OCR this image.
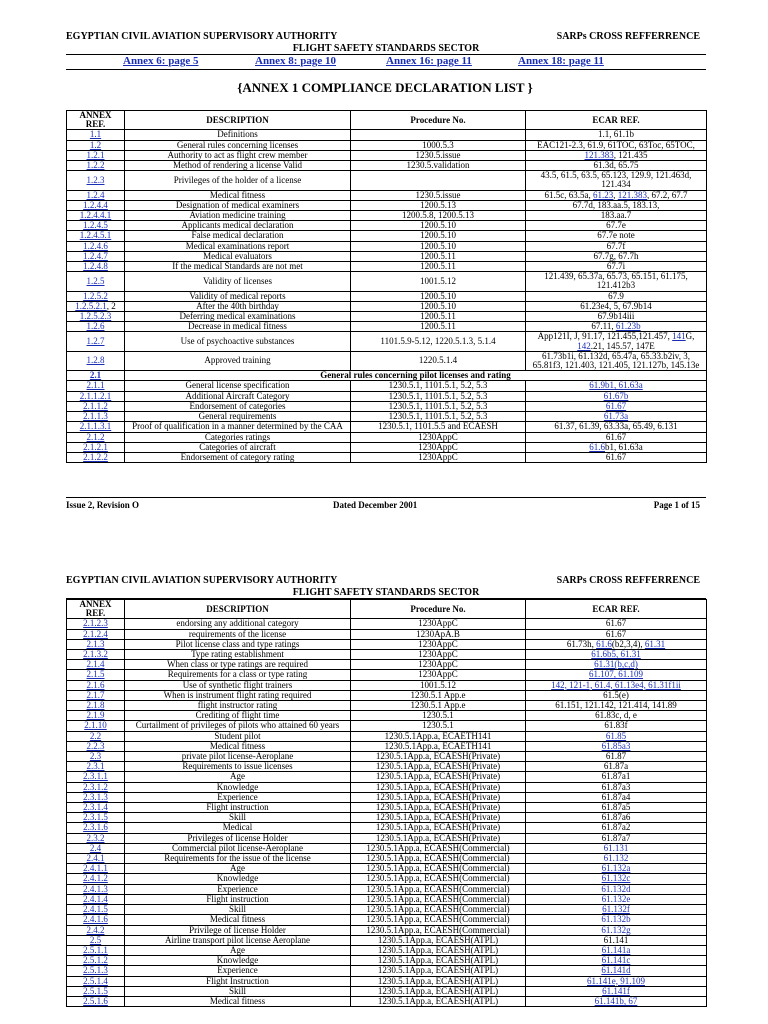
EGYPTIAN CIVIL AVIATION SUPERVISORY AUTHORITY	SARPs CROSS REFFERRENCE
FLIGHT SAFETY STANDARDS SECTOR
Annex 6: page 5	Annex 8: page 10	Annex 16: page 11	Annex 18: page 11
{ANNEX 1 COMPLIANCE DECLARATION LIST }
ANNEX REF.	DESCRIPTION	Procedure No.	ECAR REF.
1.1	Definitions		1.1, 61.1b
1.2	General rules concerning licenses	1000.5.3	EAC121-2.3, 61.9, 61TOC, 63Toc, 65TOC,
1.2.1	Authority to act as flight crew member	1230.5.issue	121.383, 121.435
1.2.2	Method of rendering a license Valid	1230.5.validation	61.3d, 65.75
1.2.3	Privileges of the holder of a license		43.5, 61.5, 63.5, 65.123, 129.9, 121.463d, 121.434
1.2.4	Medical fitness	1230.5.issue	61.5c, 63.5a, 61.23, 121.383, 67.2, 67.7
1.2.4.4	Designation of medical examiners	1200.5.13	67.7d, 183.aa.5, 183.13,
1.2.4.4.1	Aviation medicine training	1200.5.8, 1200.5.13	183.aa.7
1.2.4.5	Applicants medical declaration	1200.5.10	67.7e
1.2.4.5.1	False medical declaration	1200.5.10	67.7e note
1.2.4.6	Medical examinations report	1200.5.10	67.7f
1.2.4.7	Medical evaluators	1200.5.11	67.7g, 67.7h
1.2.4.8	If the medical Standards are not met	1200.5.11	67.7i
1.2.5	Validity of licenses	1001.5.12	121.439, 65.37a, 65.73, 65.151, 61.175, 121.412b3
1.2.5.2	Validity of medical reports	1200.5.10	67.9
1.2.5.2.1, 2	After the 40th birthday	1200.5.10	61.23e4, 5, 67.9b14
1.2.5.2.3	Deferring medical examinations	1200.5.11	67.9b14iii
1.2.6	Decrease in medical fitness	1200.5.11	67.11, 61.23b
1.2.7	Use of psychoactive substances	1101.5.9-5.12, 1220.5.1.3, 5.1.4	App121I, J, 91.17, 121.455,121.457, 141G, 142.21, 145.57, 147E
1.2.8	Approved training	1220.5.1.4	61.73b1i, 61.132d, 65.47a, 65.33.b2iv, 3, 65.81f3, 121.403, 121.405, 121.127b, 145.13e
2.1	General rules concerning pilot licenses and rating		
2.1.1	General license specification	1230.5.1, 1101.5.1, 5.2, 5.3	61.9b1, 61.63a
2.1.1.2.1	Additional Aircraft Category	1230.5.1, 1101.5.1, 5.2, 5.3	61.67b
2.1.1.2	Endorsement of categories	1230.5.1, 1101.5.1, 5.2, 5.3	61.67
2.1.1.3	General requirements	1230.5.1, 1101.5.1, 5.2, 5.3	61.73a
2.1.1.3.1	Proof of qualification in a manner determined by the CAA	1230.5.1, 1101.5.5 and ECAESH	61.37, 61.39, 63.33a, 65.49, 6.131
2.1.2	Categories ratings	1230AppC	61.67
2.1.2.1	Categories of aircraft	1230AppC	61.6b1, 61.63a
2.1.2.2	Endorsement of category rating	1230AppC	61.67
Issue 2, Revision O	Dated December 2001	Page 1 of 15
EGYPTIAN CIVIL AVIATION SUPERVISORY AUTHORITY	SARPs CROSS REFFERRENCE
FLIGHT SAFETY STANDARDS SECTOR
ANNEX REF.	DESCRIPTION	Procedure No.	ECAR REF.
2.1.2.3	endorsing any additional category	1230AppC	61.67
2.1.2.4	requirements of the license	1230ApA.B	61.67
2.1.3	Pilot license class and type ratings	1230AppC	61.73h, 61.6(b2,3,4), 61.31
2.1.3.2	Type rating establishment	1230AppC	61.6b5, 61.31
2.1.4	When class or type ratings are required	1230AppC	61.31(b,c,d)
2.1.5	Requirements for a class or type rating	1230AppC	61.107, 61.109
2.1.6	Use of synthetic flight trainers	1001.5.12	142, 121-1, 61.4, 61.13e4, 61.31f1ii
2.1.7	When is instrument flight rating required	1230.5.1 App.e	61.5(e)
2.1.8	flight instructor rating	1230.5.1 App.e	61.151, 121.142, 121.414, 141.89
2.1.9	Crediting of flight time	1230.5.1	61.83c, d, e
2.1.10	Curtailment of privileges of pilots who attained 60 years	1230.5.1	61.83f
2.2	Student pilot	1230.5.1App.a, ECAETH141	61.85
2.2.3	Medical fitness	1230.5.1App.a, ECAETH141	61.85a3
2.3	private pilot license-Aeroplane	1230.5.1App.a, ECAESH(Private)	61.87
2.3.1	Requirements to issue licenses	1230.5.1App.a, ECAESH(Private)	61.87a
2.3.1.1	Age	1230.5.1App.a, ECAESH(Private)	61.87a1
2.3.1.2	Knowledge	1230.5.1App.a, ECAESH(Private)	61.87a3
2.3.1.3	Experience	1230.5.1App.a, ECAESH(Private)	61.87a4
2.3.1.4	Flight instruction	1230.5.1App.a, ECAESH(Private)	61.87a5
2.3.1.5	Skill	1230.5.1App.a, ECAESH(Private)	61.87a6
2.3.1.6	Medical	1230.5.1App.a, ECAESH(Private)	61.87a2
2.3.2	Privileges of license Holder	1230.5.1App.a, ECAESH(Private)	61.87a7
2.4	Commercial pilot license-Aeroplane	1230.5.1App.a, ECAESH(Commercial)	61.131
2.4.1	Requirements for the issue of the license	1230.5.1App.a, ECAESH(Commercial)	61.132
2.4.1.1	Age	1230.5.1App.a, ECAESH(Commercial)	61.132a
2.4.1.2	Knowledge	1230.5.1App.a, ECAESH(Commercial)	61.132c
2.4.1.3	Experience	1230.5.1App.a, ECAESH(Commercial)	61.132d
2.4.1.4	Flight instruction	1230.5.1App.a, ECAESH(Commercial)	61.132e
2.4.1.5	Skill	1230.5.1App.a, ECAESH(Commercial)	61.132f
2.4.1.6	Medical fitness	1230.5.1App.a, ECAESH(Commercial)	61.132b
2.4.2	Privilege of license Holder	1230.5.1App.a, ECAESH(Commercial)	61.132g
2.5	Airline transport pilot license Aeroplane	1230.5.1App.a, ECAESH(ATPL)	61.141
2.5.1.1	Age	1230.5.1App.a, ECAESH(ATPL)	61.141a
2.5.1.2	Knowledge	1230.5.1App.a, ECAESH(ATPL)	61.141c
2.5.1.3	Experience	1230.5.1App.a, ECAESH(ATPL)	61.141d
2.5.1.4	Flight Instruction	1230.5.1App.a, ECAESH(ATPL)	61.141e, 91.109
2.5.1.5	Skill	1230.5.1App.a, ECAESH(ATPL)	61.141f
2.5.1.6	Medical fitness	1230.5.1App.a, ECAESH(ATPL)	61.141b, 67
